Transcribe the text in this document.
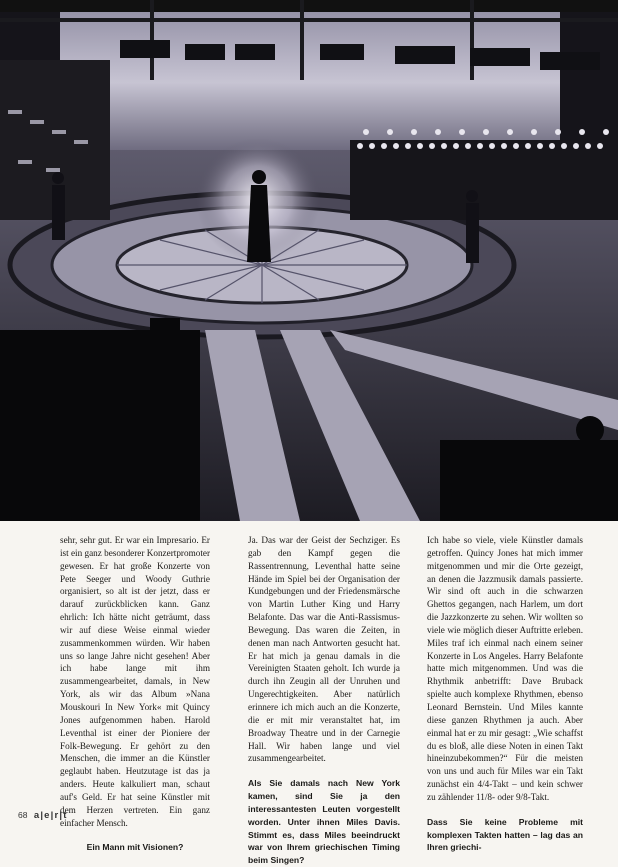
sehr, sehr gut. Er war ein Impresario. Er ist ein ganz besonderer Konzertpromoter gewesen. Er hat große Konzerte von Pete Seeger und Woody Guthrie organisiert, so alt ist der jetzt, dass er darauf zurückblicken kann. Ganz ehrlich: Ich hätte nicht geträumt, dass wir auf diese Weise einmal wieder zusammenkommen würden. Wir haben uns so lange Jahre nicht gesehen! Aber ich habe lange mit ihm zusammengearbeitet, damals, in New York, als wir das Album »Nana Mouskouri In New York« mit Quincy Jones aufgenommen haben. Harold Leventhal ist einer der Pioniere der Folk-Bewegung. Er gehört zu den Menschen, die immer an die Künstler geglaubt haben. Heutzutage ist das ja anders. Heute kalkuliert man, schaut auf's Geld. Er hat seine Künstler mit dem Herzen vertreten. Ein ganz einfacher Mensch.

Ein Mann mit Visionen?

Ja. Das war der Geist der Sechziger. Es gab den Kampf gegen die Rassentrennung, Leventhal hatte seine Hände im Spiel bei der Organisation der Kundgebungen und der Friedensmärsche von Martin Luther King und Harry Belafonte. Das war die Anti-Rassismus-Bewegung. Das waren die Zeiten, in denen man nach Antworten gesucht hat. Er hat mich ja genau damals in die Vereinigten Staaten geholt. Ich wurde ja durch ihn Zeugin all der Unruhen und Ungerechtigkeiten. Aber natürlich erinnere ich mich auch an die Konzerte, die er mit mir veranstaltet hat, im Broadway Theatre und in der Carnegie Hall. Wir haben lange und viel zusammengearbeitet.

Als Sie damals nach New York kamen, sind Sie ja den interessantesten Leuten vorgestellt worden. Unter ihnen Miles Davis. Stimmt es, dass Miles beeindruckt war von Ihrem griechischen Timing beim Singen?

Ich habe so viele, viele Künstler damals getroffen. Quincy Jones hat mich immer mitgenommen und mir die Orte gezeigt, an denen die Jazzmusik damals passierte. Wir sind oft auch in die schwarzen Ghettos gegangen, nach Harlem, um dort die Jazzkonzerte zu sehen. Wir wollten so viele wie möglich dieser Auftritte erleben. Miles traf ich einmal nach einem seiner Konzerte in Los Angeles. Harry Belafonte hatte mich mitgenommen. Und was die Rhythmik anbetrifft: Dave Bruback spielte auch komplexe Rhythmen, ebenso Leonard Bernstein. Und Miles kannte diese ganzen Rhythmen ja auch. Aber einmal hat er zu mir gesagt: „Wie schaffst du es bloß, alle diese Noten in einen Takt hineinzubekommen?“ Für die meisten von uns und auch für Miles war ein Takt zunächst ein 4/4-Takt – und kein schwer zu zählender 11/8- oder 9/8-Takt.

Dass Sie keine Probleme mit komplexen Takten hatten – lag das an Ihren griechi-

68 a|e|r|t
